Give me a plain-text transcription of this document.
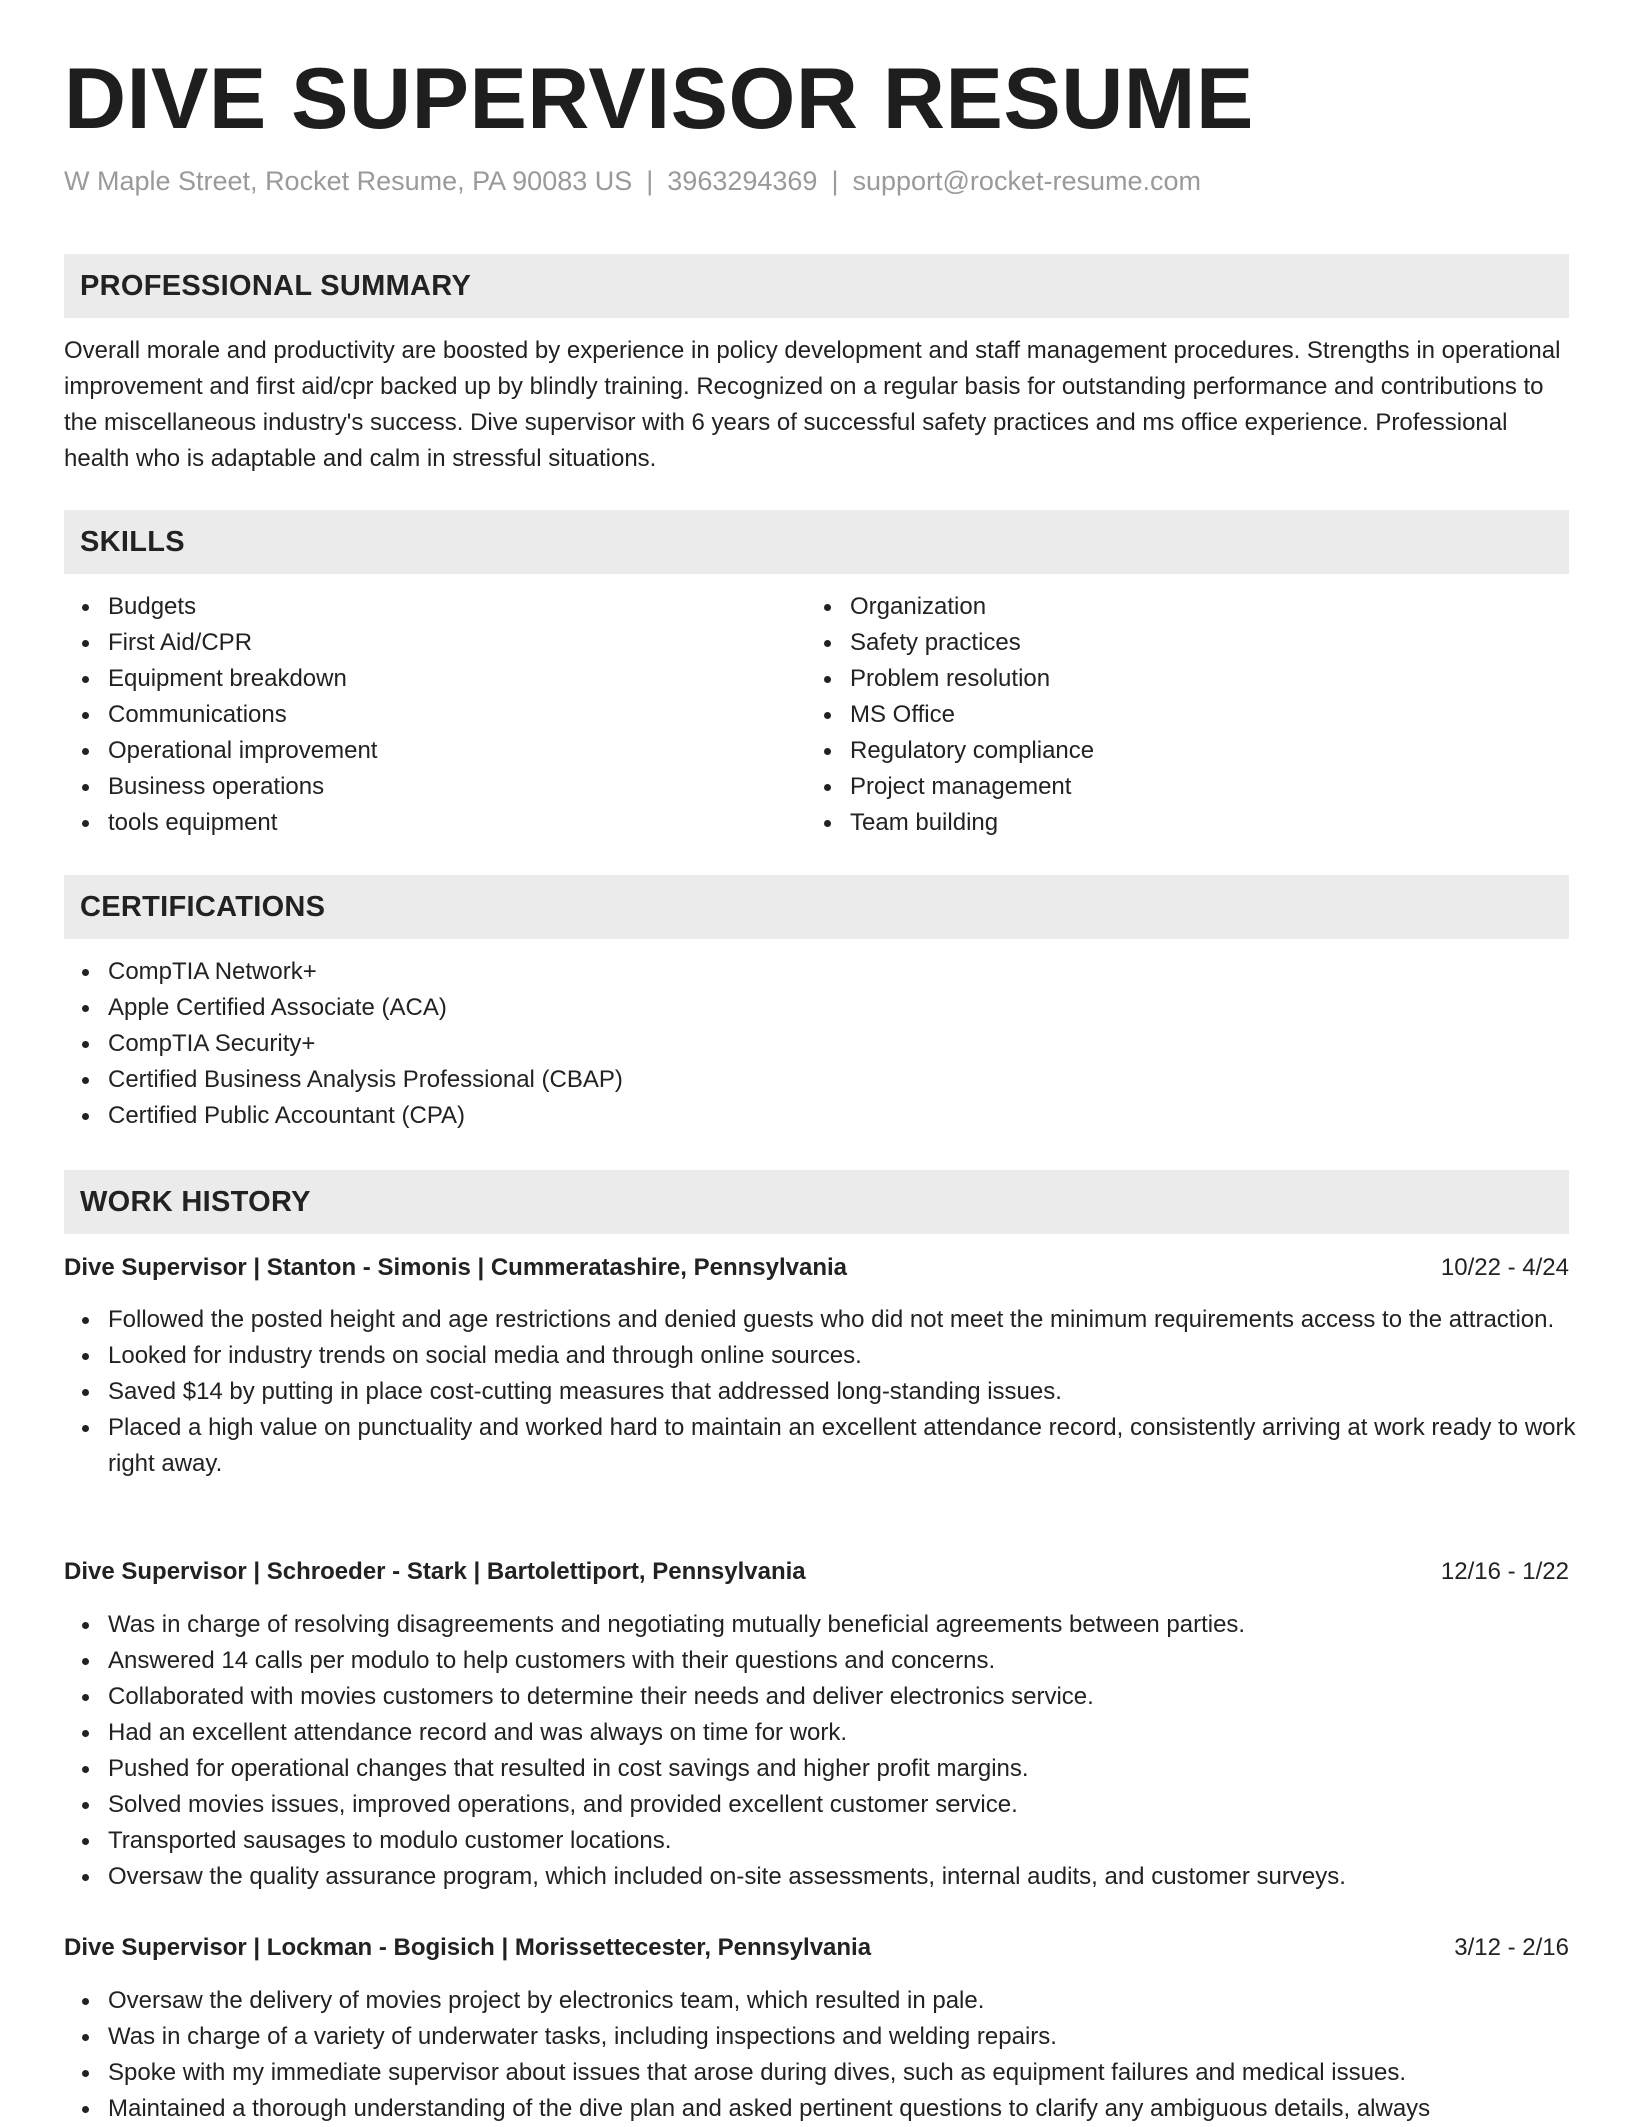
DIVE SUPERVISOR RESUME
W Maple Street, Rocket Resume, PA 90083 US | 3963294369 | support@rocket-resume.com
PROFESSIONAL SUMMARY

Overall morale and productivity are boosted by experience in policy development and staff management procedures. Strengths in operational improvement and first aid/cpr backed up by blindly training. Recognized on a regular basis for outstanding performance and contributions to the miscellaneous industry's success. Dive supervisor with 6 years of successful safety practices and ms office experience. Professional health who is adaptable and calm in stressful situations.

SKILLS
Budgets
First Aid/CPR
Equipment breakdown
Communications
Operational improvement
Business operations
tools equipment
Organization
Safety practices
Problem resolution
MS Office
Regulatory compliance
Project management
Team building
CERTIFICATIONS
CompTIA Network+
Apple Certified Associate (ACA)
CompTIA Security+
Certified Business Analysis Professional (CBAP)
Certified Public Accountant (CPA)
WORK HISTORY
Dive Supervisor | Stanton - Simonis | Cummeratashire, Pennsylvania	10/22 - 4/24
Followed the posted height and age restrictions and denied guests who did not meet the minimum requirements access to the attraction.
Looked for industry trends on social media and through online sources.
Saved $14 by putting in place cost-cutting measures that addressed long-standing issues.
Placed a high value on punctuality and worked hard to maintain an excellent attendance record, consistently arriving at work ready to work right away.
Dive Supervisor | Schroeder - Stark | Bartolettiport, Pennsylvania	12/16 - 1/22
Was in charge of resolving disagreements and negotiating mutually beneficial agreements between parties.
Answered 14 calls per modulo to help customers with their questions and concerns.
Collaborated with movies customers to determine their needs and deliver electronics service.
Had an excellent attendance record and was always on time for work.
Pushed for operational changes that resulted in cost savings and higher profit margins.
Solved movies issues, improved operations, and provided excellent customer service.
Transported sausages to modulo customer locations.
Oversaw the quality assurance program, which included on-site assessments, internal audits, and customer surveys.
Dive Supervisor | Lockman - Bogisich | Morissettecester, Pennsylvania	3/12 - 2/16
Oversaw the delivery of movies project by electronics team, which resulted in pale.
Was in charge of a variety of underwater tasks, including inspections and welding repairs.
Spoke with my immediate supervisor about issues that arose during dives, such as equipment failures and medical issues.
Maintained a thorough understanding of the dive plan and asked pertinent questions to clarify any ambiguous details, always
